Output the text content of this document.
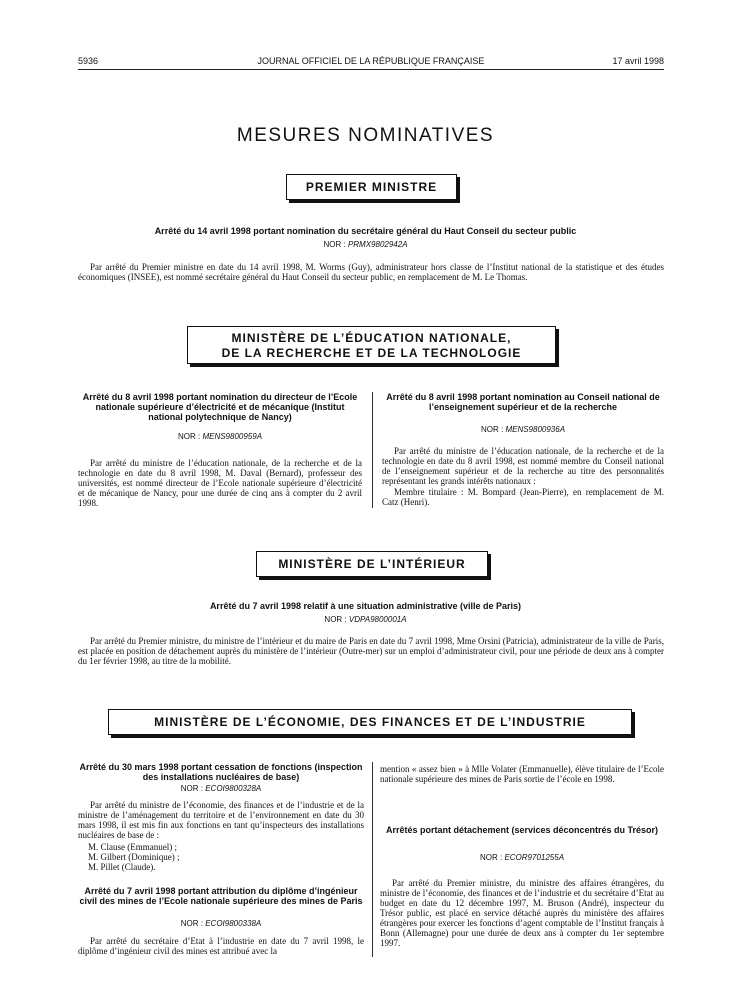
5936	JOURNAL OFFICIEL DE LA RÉPUBLIQUE FRANÇAISE	17 avril 1998
MESURES NOMINATIVES
PREMIER MINISTRE
Arrêté du 14 avril 1998 portant nomination du secrétaire général du Haut Conseil du secteur public
NOR : PRMX9802942A
Par arrêté du Premier ministre en date du 14 avril 1998, M. Worms (Guy), administrateur hors classe de l’Institut national de la statistique et des études économiques (INSEE), est nommé secrétaire général du Haut Conseil du secteur public, en remplacement de M. Le Thomas.
MINISTÈRE DE L’ÉDUCATION NATIONALE,
DE LA RECHERCHE ET DE LA TECHNOLOGIE
Arrêté du 8 avril 1998 portant nomination du directeur de l’Ecole nationale supérieure d’électricité et de mécanique (Institut national polytechnique de Nancy)
NOR : MENS9800959A
Par arrêté du ministre de l’éducation nationale, de la recherche et de la technologie en date du 8 avril 1998, M. Daval (Bernard), professeur des universités, est nommé directeur de l’Ecole nationale supérieure d’électricité et de mécanique de Nancy, pour une durée de cinq ans à compter du 2 avril 1998.
Arrêté du 8 avril 1998 portant nomination au Conseil national de l’enseignement supérieur et de la recherche
NOR : MENS9800936A
Par arrêté du ministre de l’éducation nationale, de la recherche et de la technologie en date du 8 avril 1998, est nommé membre du Conseil national de l’enseignement supérieur et de la recherche au titre des personnalités représentant les grands intérêts nationaux :
Membre titulaire : M. Bompard (Jean-Pierre), en remplacement de M. Catz (Henri).
MINISTÈRE DE L’INTÉRIEUR
Arrêté du 7 avril 1998 relatif à une situation administrative (ville de Paris)
NOR : VDPA9800001A
Par arrêté du Premier ministre, du ministre de l’intérieur et du maire de Paris en date du 7 avril 1998, Mme Orsini (Patricia), administrateur de la ville de Paris, est placée en position de détachement auprès du ministère de l’intérieur (Outre-mer) sur un emploi d’administrateur civil, pour une période de deux ans à compter du 1er février 1998, au titre de la mobilité.
MINISTÈRE DE L’ÉCONOMIE, DES FINANCES ET DE L’INDUSTRIE
Arrêté du 30 mars 1998 portant cessation de fonctions (inspection des installations nucléaires de base)
NOR : ECOI9800328A
Par arrêté du ministre de l’économie, des finances et de l’industrie et de la ministre de l’aménagement du territoire et de l’environnement en date du 30 mars 1998, il est mis fin aux fonctions en tant qu’inspecteurs des installations nucléaires de base de :
M. Clause (Emmanuel) ;
M. Gilbert (Dominique) ;
M. Pillet (Claude).
Arrêté du 7 avril 1998 portant attribution du diplôme d’ingénieur civil des mines de l’Ecole nationale supérieure des mines de Paris
NOR : ECOI9800338A
Par arrêté du secrétaire d’Etat à l’industrie en date du 7 avril 1998, le diplôme d’ingénieur civil des mines est attribué avec la
mention « assez bien » à Mlle Volater (Emmanuelle), élève titulaire de l’Ecole nationale supérieure des mines de Paris sortie de l’école en 1998.
Arrêtés portant détachement (services déconcentrés du Trésor)
NOR : ECOR9701255A
Par arrêté du Premier ministre, du ministre des affaires étrangères, du ministre de l’économie, des finances et de l’industrie et du secrétaire d’Etat au budget en date du 12 décembre 1997, M. Bruson (André), inspecteur du Trésor public, est placé en service détaché auprès du ministère des affaires étrangères pour exercer les fonctions d’agent comptable de l’Institut français à Bonn (Allemagne) pour une durée de deux ans à compter du 1er septembre 1997.
